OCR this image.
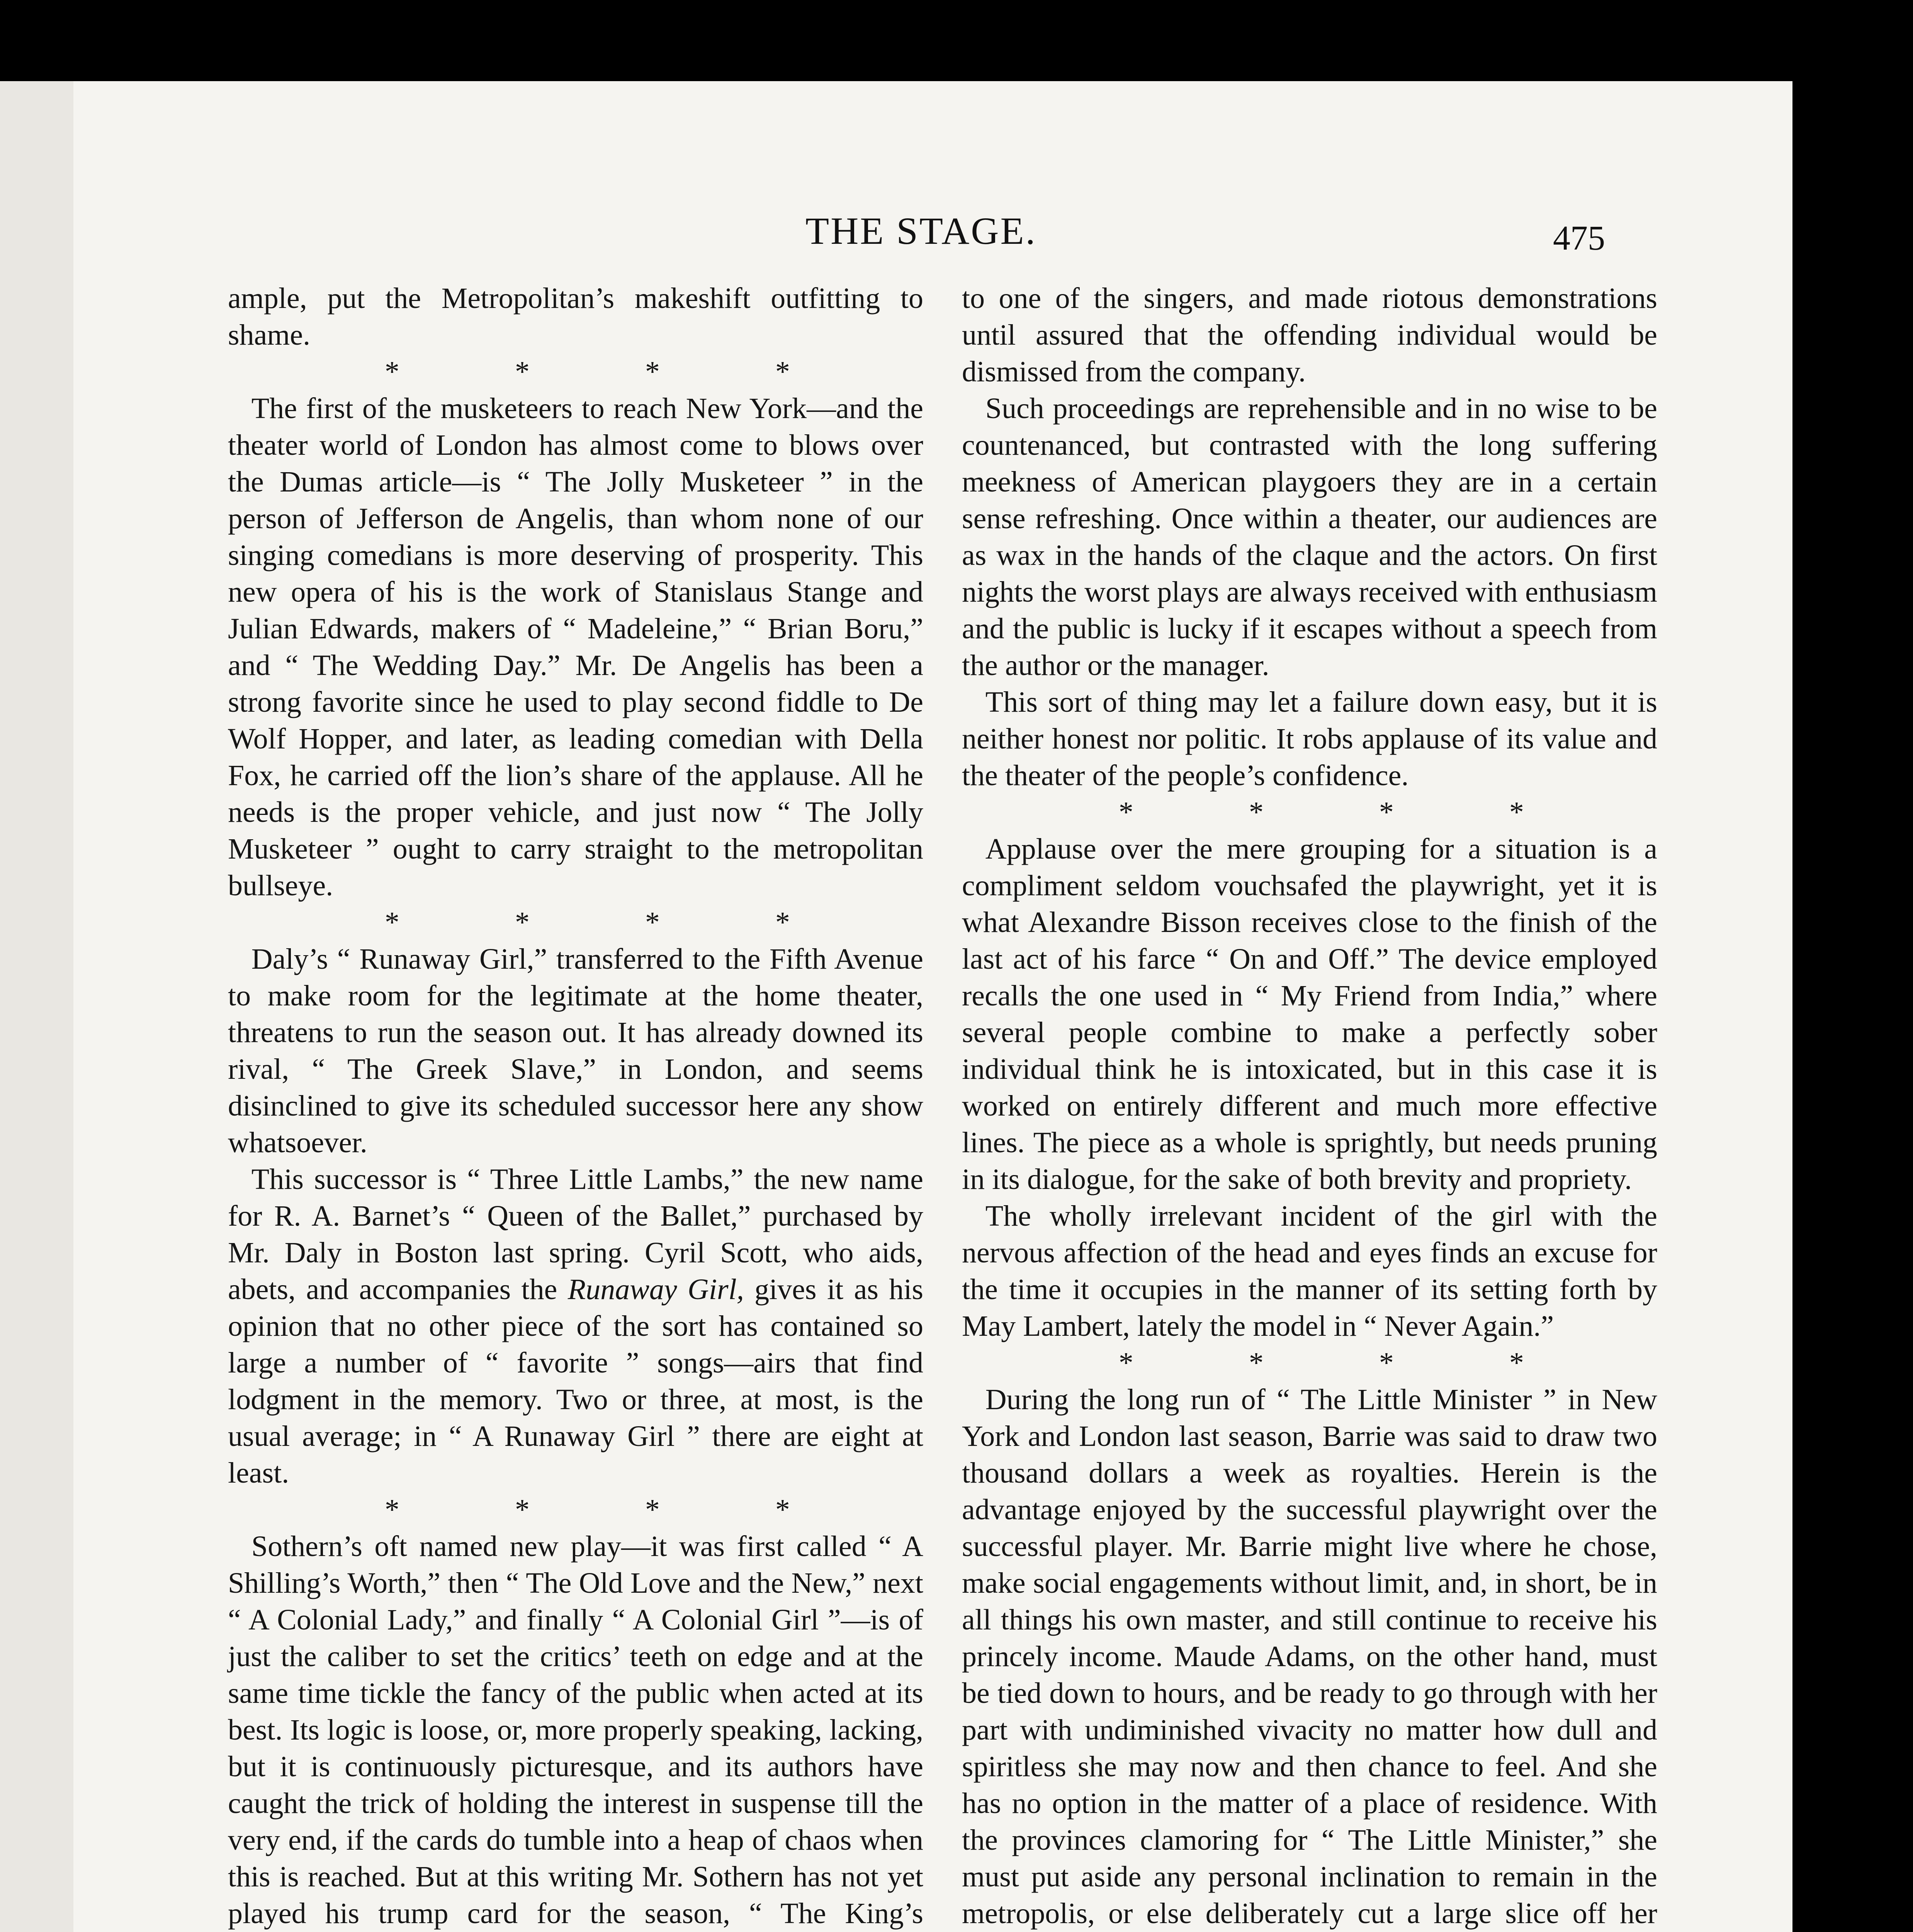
THE STAGE.	475

ample, put the Metropolitan’s makeshift outfitting to shame.

* * * *

The first of the musketeers to reach New York—and the theater world of London has almost come to blows over the Dumas article—is “ The Jolly Musketeer ” in the person of Jefferson de Angelis, than whom none of our singing comedians is more deserving of prosperity. This new opera of his is the work of Stanislaus Stange and Julian Edwards, makers of “ Madeleine,” “ Brian Boru,” and “ The Wedding Day.” Mr. De Angelis has been a strong favorite since he used to play second fiddle to De Wolf Hopper, and later, as leading comedian with Della Fox, he carried off the lion’s share of the applause. All he needs is the proper vehicle, and just now “ The Jolly Musketeer ” ought to carry straight to the metropolitan bullseye.

* * * *

Daly’s “ Runaway Girl,” transferred to the Fifth Avenue to make room for the legitimate at the home theater, threatens to run the season out. It has already downed its rival, “ The Greek Slave,” in London, and seems disinclined to give its scheduled successor here any show whatsoever.

This successor is “ Three Little Lambs,” the new name for R. A. Barnet’s “ Queen of the Ballet,” purchased by Mr. Daly in Boston last spring. Cyril Scott, who aids, abets, and accompanies the Runaway Girl, gives it as his opinion that no other piece of the sort has contained so large a number of “ favorite ” songs—airs that find lodgment in the memory. Two or three, at most, is the usual average; in “ A Runaway Girl ” there are eight at least.

* * * *

Sothern’s oft named new play—it was first called “ A Shilling’s Worth,” then “ The Old Love and the New,” next “ A Colonial Lady,” and finally “ A Colonial Girl ”—is of just the caliber to set the critics’ teeth on edge and at the same time tickle the fancy of the public when acted at its best. Its logic is loose, or, more properly speaking, lacking, but it is continuously picturesque, and its authors have caught the trick of holding the interest in suspense till the very end, if the cards do tumble into a heap of chaos when this is reached. But at this writing Mr. Sothern has not yet played his trump card for the season, “ The King’s

to one of the singers, and made riotous demonstrations until assured that the offending individual would be dismissed from the company.

Such proceedings are reprehensible and in no wise to be countenanced, but contrasted with the long suffering meekness of American playgoers they are in a certain sense refreshing. Once within a theater, our audiences are as wax in the hands of the claque and the actors. On first nights the worst plays are always received with enthusiasm and the public is lucky if it escapes without a speech from the author or the manager.

This sort of thing may let a failure down easy, but it is neither honest nor politic. It robs applause of its value and the theater of the people’s confidence.

* * * *

Applause over the mere grouping for a situation is a compliment seldom vouchsafed the playwright, yet it is what Alexandre Bisson receives close to the finish of the last act of his farce “ On and Off.” The device employed recalls the one used in “ My Friend from India,” where several people combine to make a perfectly sober individual think he is intoxicated, but in this case it is worked on entirely different and much more effective lines. The piece as a whole is sprightly, but needs pruning in its dialogue, for the sake of both brevity and propriety.

The wholly irrelevant incident of the girl with the nervous affection of the head and eyes finds an excuse for the time it occupies in the manner of its setting forth by May Lambert, lately the model in “ Never Again.”

* * * *

During the long run of “ The Little Minister ” in New York and London last season, Barrie was said to draw two thousand dollars a week as royalties. Herein is the advantage enjoyed by the successful playwright over the successful player. Mr. Barrie might live where he chose, make social engagements without limit, and, in short, be in all things his own master, and still continue to receive his princely income. Maude Adams, on the other hand, must be tied down to hours, and be ready to go through with her part with undiminished vivacity no matter how dull and spiritless she may now and then chance to feel. And she has no option in the matter of a place of residence. With the provinces clamoring for “ The Little Minister,” she must put aside any personal inclination to remain in the metropolis, or else deliberately cut a large slice off her
